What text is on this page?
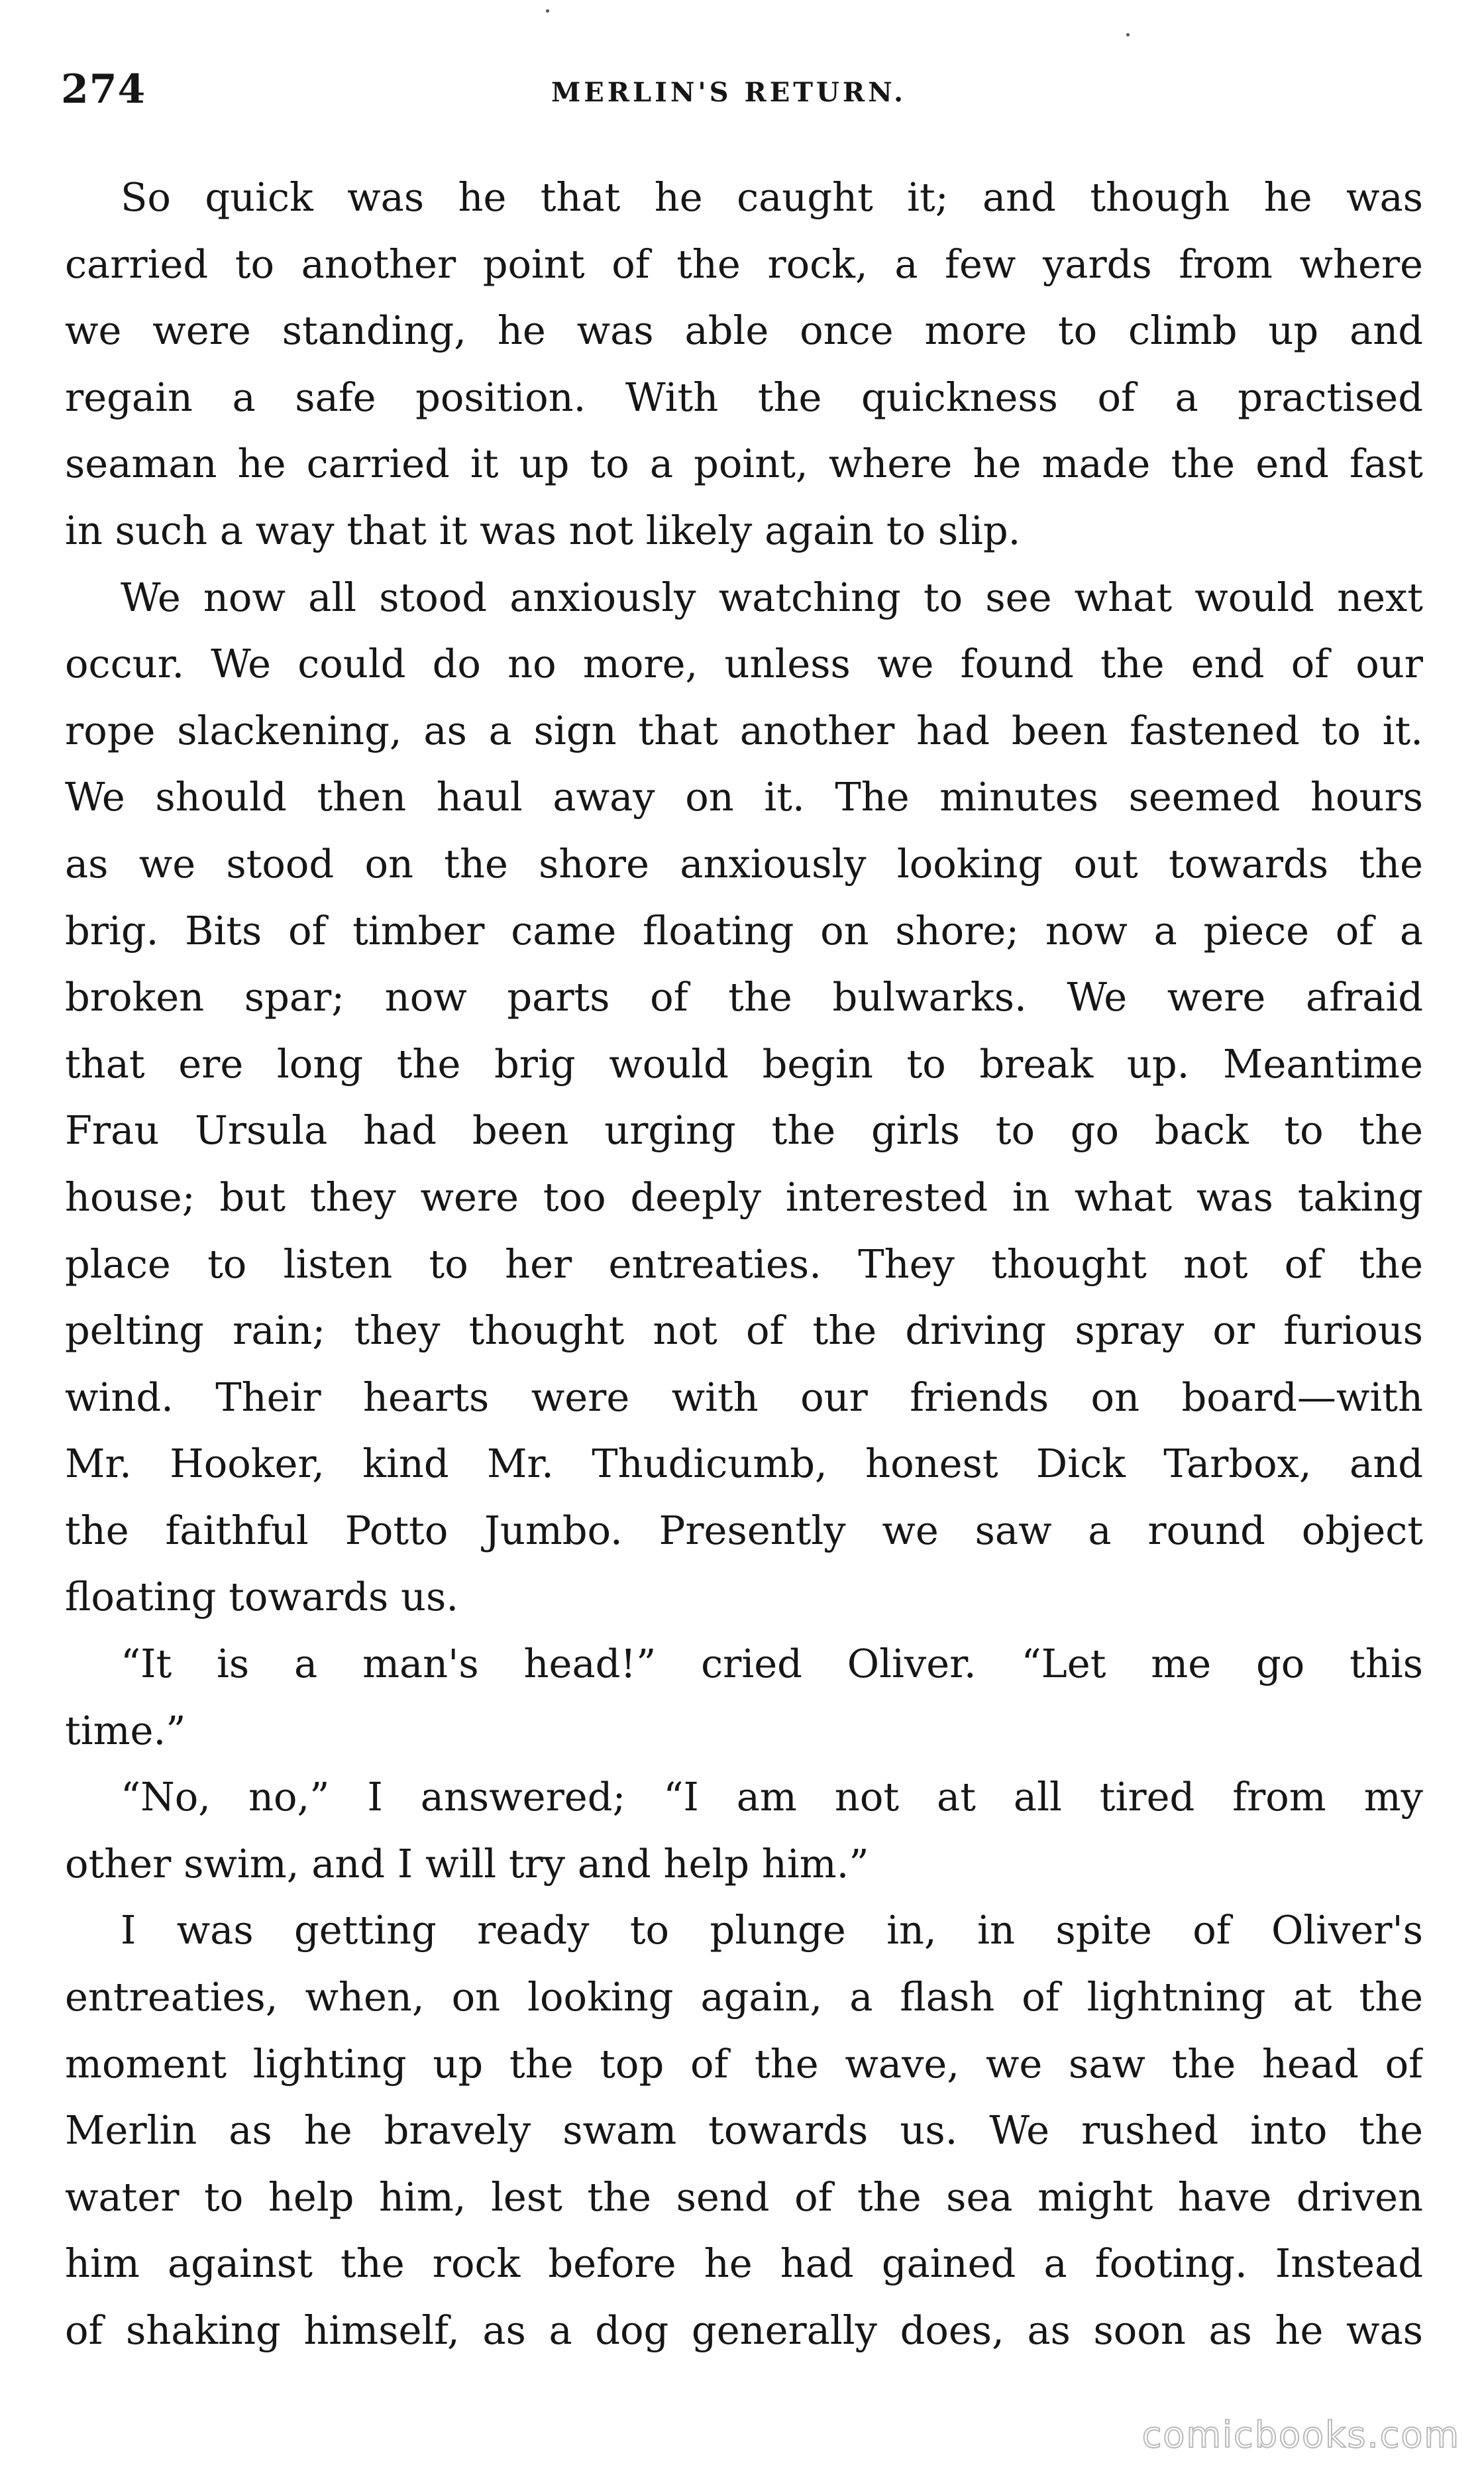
274	MERLIN'S RETURN.
So quick was he that he caught it; and though he was
carried to another point of the rock, a few yards from where
we were standing, he was able once more to climb up and
regain a safe position. With the quickness of a practised
seaman he carried it up to a point, where he made the end fast
in such a way that it was not likely again to slip.
We now all stood anxiously watching to see what would next
occur. We could do no more, unless we found the end of our
rope slackening, as a sign that another had been fastened to it.
We should then haul away on it. The minutes seemed hours
as we stood on the shore anxiously looking out towards the
brig. Bits of timber came floating on shore; now a piece of a
broken spar; now parts of the bulwarks. We were afraid
that ere long the brig would begin to break up. Meantime
Frau Ursula had been urging the girls to go back to the
house; but they were too deeply interested in what was taking
place to listen to her entreaties. They thought not of the
pelting rain; they thought not of the driving spray or furious
wind. Their hearts were with our friends on board—with
Mr. Hooker, kind Mr. Thudicumb, honest Dick Tarbox, and
the faithful Potto Jumbo. Presently we saw a round object
floating towards us.
“It is a man's head!” cried Oliver. “Let me go this
time.”
“No, no,” I answered; “I am not at all tired from my
other swim, and I will try and help him.”
I was getting ready to plunge in, in spite of Oliver's
entreaties, when, on looking again, a flash of lightning at the
moment lighting up the top of the wave, we saw the head of
Merlin as he bravely swam towards us. We rushed into the
water to help him, lest the send of the sea might have driven
him against the rock before he had gained a footing. Instead
of shaking himself, as a dog generally does, as soon as he was
comicbooks.com
